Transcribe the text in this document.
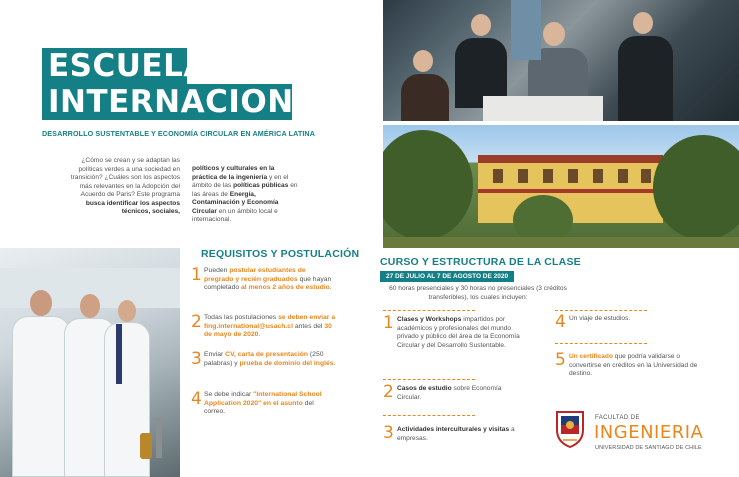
ESCUELA
INTERNACIONAL
DESARROLLO SUSTENTABLE Y ECONOMÍA CIRCULAR EN AMÉRICA LATINA
¿Cómo se crean y se adaptan las políticas verdes a una sociedad en transición? ¿Cuáles son los aspectos más relevantes en la Adopción del Acuerdo de Paris? Este programa busca identificar los aspectos técnicos, sociales,
políticos y culturales en la práctica de la ingeniería y en el ámbito de las políticas públicas en las áreas de Energía, Contaminación y Economía Circular en un ámbito local e internacional.
REQUISITOS Y POSTULACIÓN
1 Pueden postular estudiantes de pregrado y recién graduados que hayan completado al menos 2 años de estudio.
2 Todas las postulaciones se deben enviar a fing.international@usach.cl antes del 30 de mayo de 2020.
3 Enviar CV, carta de presentación (250 palabras) y prueba de dominio del inglés.
4 Se debe indicar "International School Application 2020" en el asunto del correo.
CURSO Y ESTRUCTURA DE LA CLASE
27 DE JULIO AL 7 DE AGOSTO DE 2020
60 horas presenciales y 30 horas no presenciales (3 créditos transferibles), los cuales incluyen:
1 Clases y Workshops impartidos por académicos y profesionales del mundo privado y público del área de la Economía Circular y del Desarrollo Sustentable.
2 Casos de estudio sobre Economía Circular.
3 Actividades interculturales y visitas a empresas.
4 Un viaje de estudios.
5 Un certificado que podría validarse o convertirse en créditos en la Universidad de destino.
FACULTAD DE
INGENIERIA
UNIVERSIDAD DE SANTIAGO DE CHILE
